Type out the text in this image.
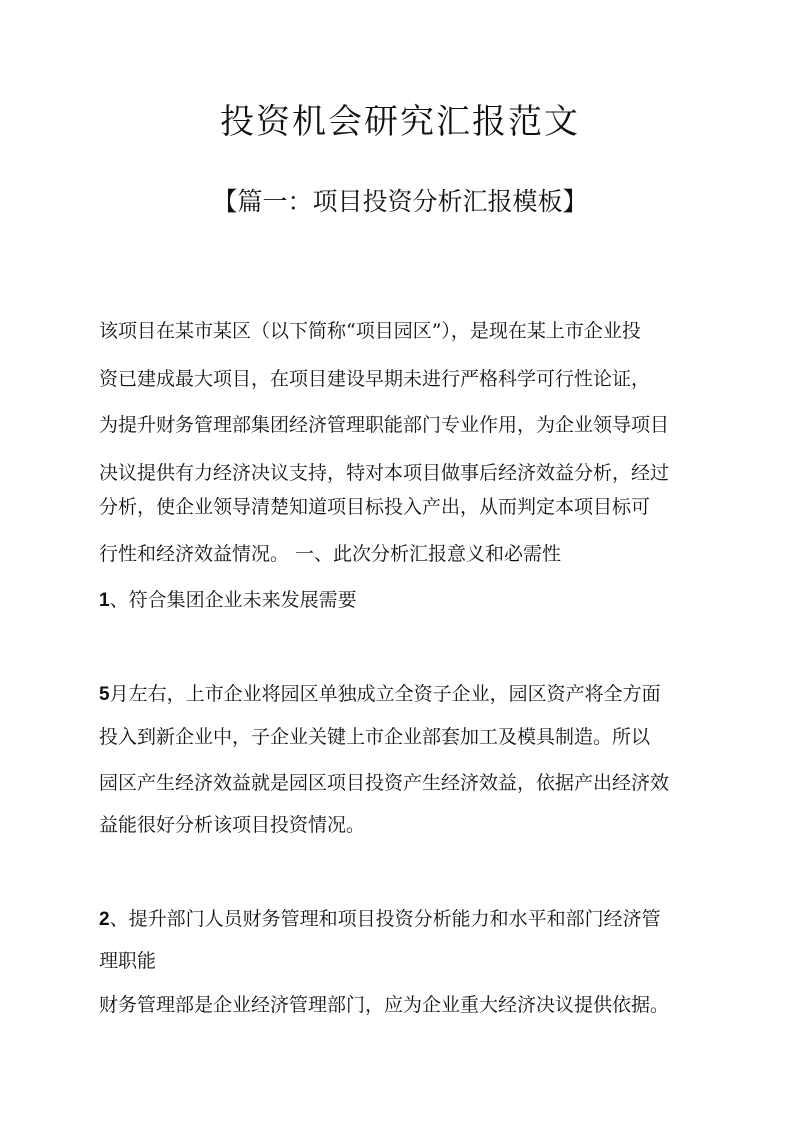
投资机会研究汇报范文
【篇一：项目投资分析汇报模板】

该项目在某市某区（以下简称“项目园区”），是现在某上市企业投

资已建成最大项目，在项目建设早期未进行严格科学可行性论证，

为提升财务管理部集团经济管理职能部门专业作用，为企业领导项目

决议提供有力经济决议支持，特对本项目做事后经济效益分析，经过

分析，使企业领导清楚知道项目标投入产出，从而判定本项目标可

行性和经济效益情况。 一、此次分析汇报意义和必需性

1、符合集团企业未来发展需要

5月左右，上市企业将园区单独成立全资子企业，园区资产将全方面

投入到新企业中，子企业关键上市企业部套加工及模具制造。所以

园区产生经济效益就是园区项目投资产生经济效益，依据产出经济效

益能很好分析该项目投资情况。

2、提升部门人员财务管理和项目投资分析能力和水平和部门经济管

理职能

财务管理部是企业经济管理部门，应为企业重大经济决议提供依据。
